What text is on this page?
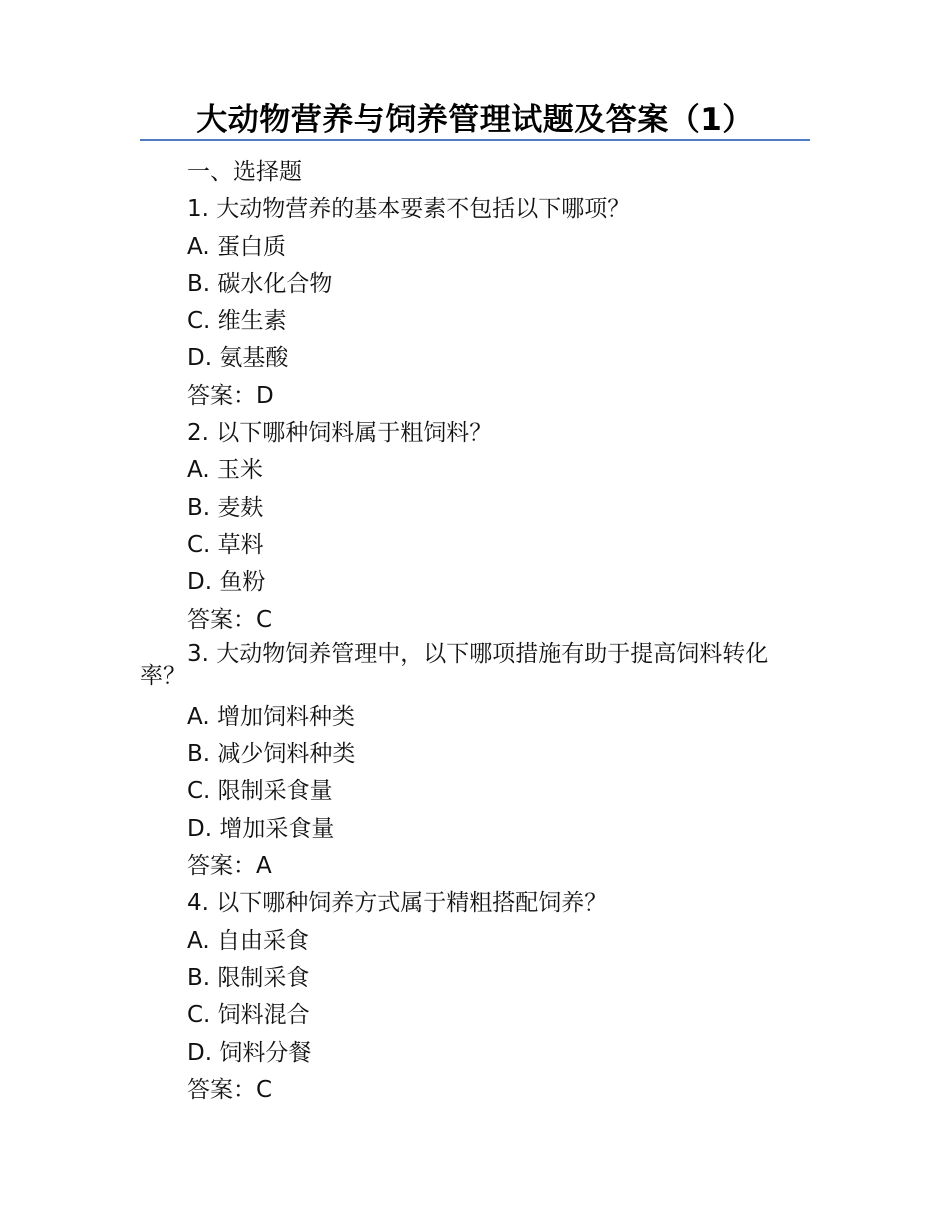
大动物营养与饲养管理试题及答案（1）
一、选择题
1. 大动物营养的基本要素不包括以下哪项？
A. 蛋白质
B. 碳水化合物
C. 维生素
D. 氨基酸
答案：D
2. 以下哪种饲料属于粗饲料？
A. 玉米
B. 麦麸
C. 草料
D. 鱼粉
答案：C
3. 大动物饲养管理中，以下哪项措施有助于提高饲料转化率？
A. 增加饲料种类
B. 减少饲料种类
C. 限制采食量
D. 增加采食量
答案：A
4. 以下哪种饲养方式属于精粗搭配饲养？
A. 自由采食
B. 限制采食
C. 饲料混合
D. 饲料分餐
答案：C
